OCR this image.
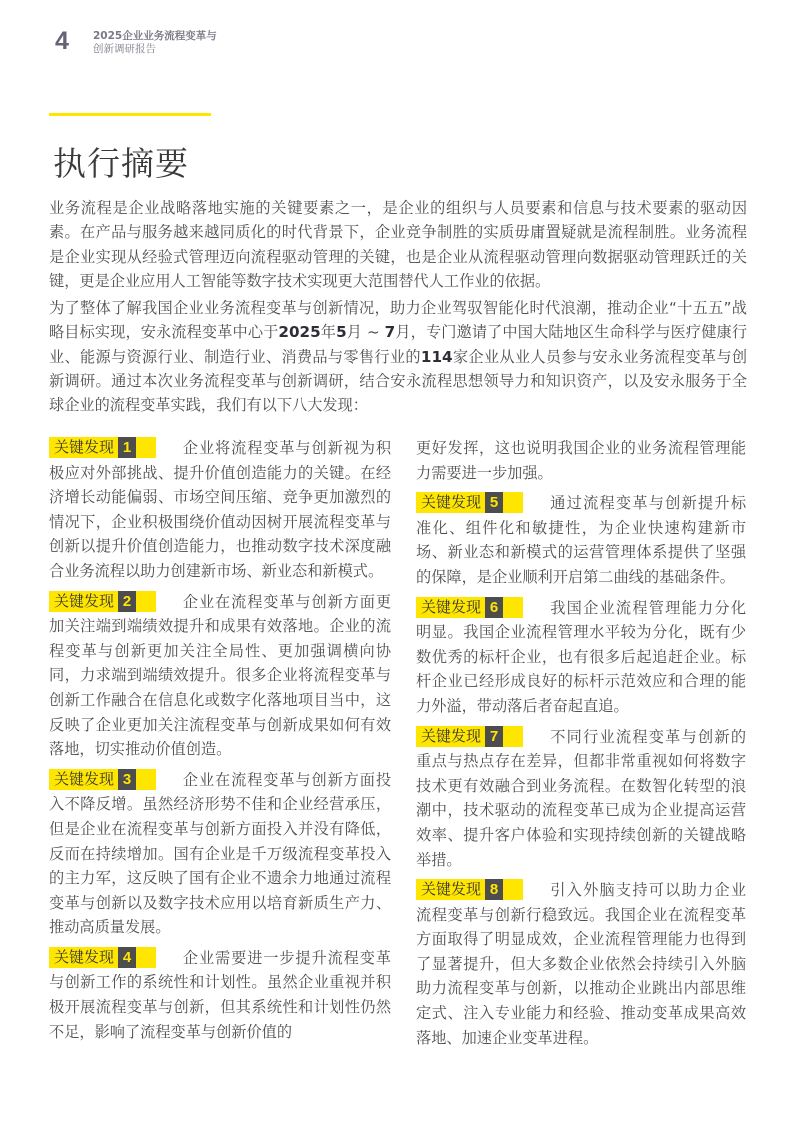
4 2025企业业务流程变革与
创新调研报告
执行摘要

业务流程是企业战略落地实施的关键要素之一，是企业的组织与人员要素和信息与技术要素的驱动因素。在产品与服务越来越同质化的时代背景下，企业竞争制胜的实质毋庸置疑就是流程制胜。业务流程是企业实现从经验式管理迈向流程驱动管理的关键，也是企业从流程驱动管理向数据驱动管理跃迁的关键，更是企业应用人工智能等数字技术实现更大范围替代人工作业的依据。

为了整体了解我国企业业务流程变革与创新情况，助力企业驾驭智能化时代浪潮，推动企业“十五五”战略目标实现，安永流程变革中心于2025年5月 ~ 7月，专门邀请了中国大陆地区生命科学与医疗健康行业、能源与资源行业、制造行业、消费品与零售行业的114家企业从业人员参与安永业务流程变革与创新调研。通过本次业务流程变革与创新调研，结合安永流程思想领导力和知识资产，以及安永服务于全球企业的流程变革实践，我们有以下八大发现：

关键发现 1	企业将流程变革与创新视为积极应对外部挑战、提升价值创造能力的关键。在经济增长动能偏弱、市场空间压缩、竞争更加激烈的情况下，企业积极围绕价值动因树开展流程变革与创新以提升价值创造能力，也推动数字技术深度融合业务流程以助力创建新市场、新业态和新模式。

关键发现 2	企业在流程变革与创新方面更加关注端到端绩效提升和成果有效落地。企业的流程变革与创新更加关注全局性、更加强调横向协同，力求端到端绩效提升。很多企业将流程变革与创新工作融合在信息化或数字化落地项目当中，这反映了企业更加关注流程变革与创新成果如何有效落地，切实推动价值创造。

关键发现 3	企业在流程变革与创新方面投入不降反增。虽然经济形势不佳和企业经营承压，但是企业在流程变革与创新方面投入并没有降低，反而在持续增加。国有企业是千万级流程变革投入的主力军，这反映了国有企业不遗余力地通过流程变革与创新以及数字技术应用以培育新质生产力、推动高质量发展。

关键发现 4	企业需要进一步提升流程变革与创新工作的系统性和计划性。虽然企业重视并积极开展流程变革与创新，但其系统性和计划性仍然不足，影响了流程变革与创新价值的

更好发挥，这也说明我国企业的业务流程管理能力需要进一步加强。

关键发现 5	通过流程变革与创新提升标准化、组件化和敏捷性，为企业快速构建新市场、新业态和新模式的运营管理体系提供了坚强的保障，是企业顺利开启第二曲线的基础条件。

关键发现 6	我国企业流程管理能力分化明显。我国企业流程管理水平较为分化，既有少数优秀的标杆企业，也有很多后起追赶企业。标杆企业已经形成良好的标杆示范效应和合理的能力外溢，带动落后者奋起直追。

关键发现 7	不同行业流程变革与创新的重点与热点存在差异，但都非常重视如何将数字技术更有效融合到业务流程。在数智化转型的浪潮中，技术驱动的流程变革已成为企业提高运营效率、提升客户体验和实现持续创新的关键战略举措。

关键发现 8	引入外脑支持可以助力企业流程变革与创新行稳致远。我国企业在流程变革方面取得了明显成效，企业流程管理能力也得到了显著提升，但大多数企业依然会持续引入外脑助力流程变革与创新，以推动企业跳出内部思维定式、注入专业能力和经验、推动变革成果高效落地、加速企业变革进程。
